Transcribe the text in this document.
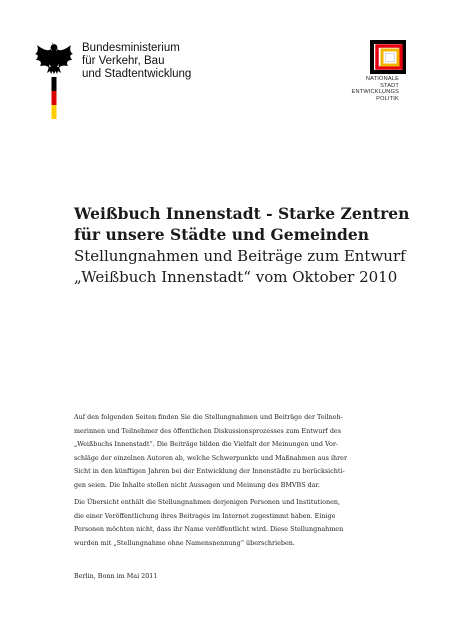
Bundesministerium
für Verkehr, Bau
und Stadtentwicklung	NATIONALE
STADT
ENTWICKLUNGS
POLITIK
Weißbuch Innenstadt - Starke Zentren
für unsere Städte und Gemeinden
Stellungnahmen und Beiträge zum Entwurf
„Weißbuch Innenstadt“ vom Oktober 2010
Auf den folgenden Seiten finden Sie die Stellungnahmen und Beiträge der Teilneh-
merinnen und Teilnehmer des öffentlichen Diskussionsprozesses zum Entwurf des
„Weißbuchs Innenstadt“. Die Beiträge bilden die Vielfalt der Meinungen und Vor-
schläge der einzelnen Autoren ab, welche Schwerpunkte und Maßnahmen aus ihrer
Sicht in den künftigen Jahren bei der Entwicklung der Innenstädte zu berücksichti-
gen seien. Die Inhalte stellen nicht Aussagen und Meinung des BMVBS dar.
Die Übersicht enthält die Stellungnahmen derjenigen Personen und Institutionen,
die einer Veröffentlichung ihres Beitrages im Internet zugestimmt haben. Einige
Personen möchten nicht, dass ihr Name veröffentlicht wird. Diese Stellungnahmen
wurden mit „Stellungnahme ohne Namensnennung“ überschrieben.
Berlin, Bonn im Mai 2011
